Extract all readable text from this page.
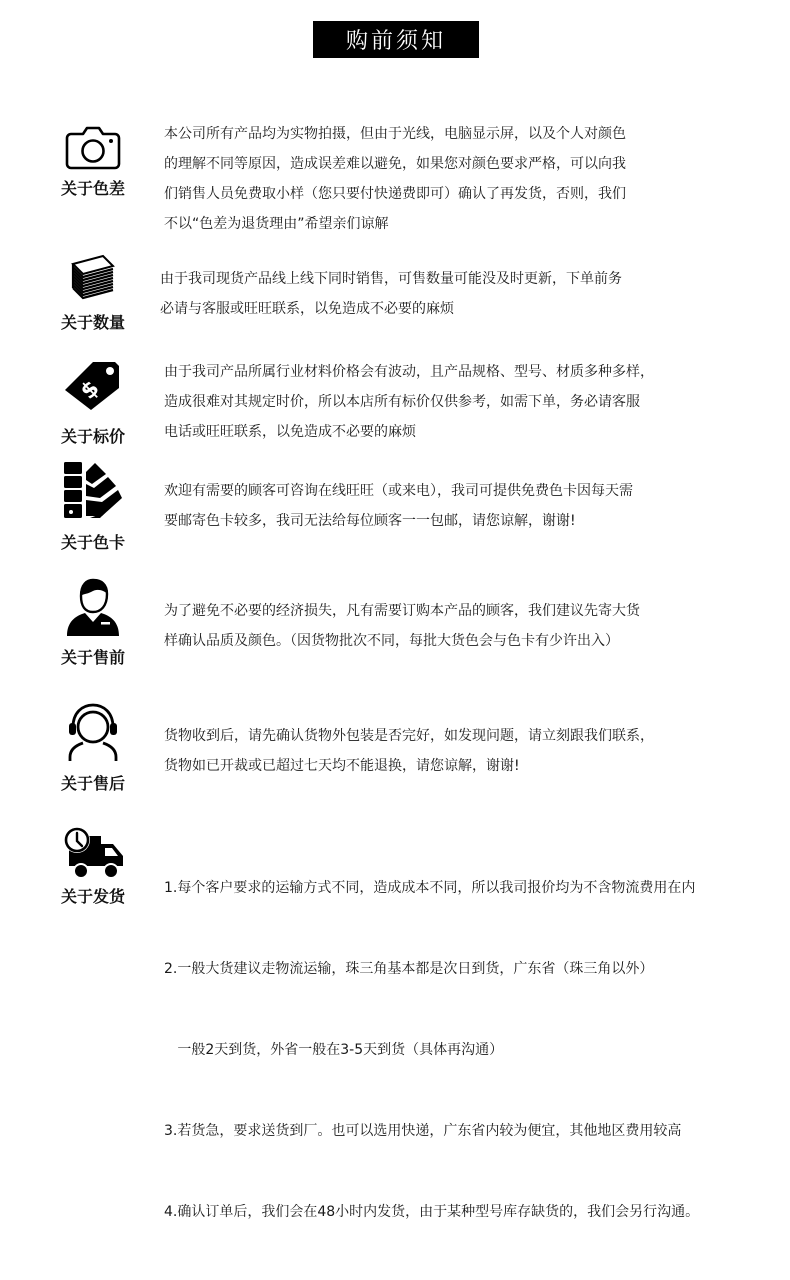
购前须知
关于色差

本公司所有产品均为实物拍摄，但由于光线，电脑显示屏，以及个人对颜色

的理解不同等原因，造成误差难以避免，如果您对颜色要求严格，可以向我

们销售人员免费取小样（您只要付快递费即可）确认了再发货，否则，我们

不以“色差为退货理由”希望亲们谅解

关于数量

由于我司现货产品线上线下同时销售，可售数量可能没及时更新，下单前务

必请与客服或旺旺联系，以免造成不必要的麻烦

$
关于标价

由于我司产品所属行业材料价格会有波动，且产品规格、型号、材质多种多样，

造成很难对其规定时价，所以本店所有标价仅供参考，如需下单，务必请客服

电话或旺旺联系，以免造成不必要的麻烦

关于色卡

欢迎有需要的顾客可咨询在线旺旺（或来电），我司可提供免费色卡因每天需

要邮寄色卡较多，我司无法给每位顾客一一包邮，请您谅解，谢谢!

关于售前

为了避免不必要的经济损失，凡有需要订购本产品的顾客，我们建议先寄大货

样确认品质及颜色。（因货物批次不同，每批大货色会与色卡有少许出入）

关于售后

货物收到后，请先确认货物外包装是否完好，如发现问题，请立刻跟我们联系，

货物如已开裁或已超过七天均不能退换，请您谅解，谢谢!

关于发货

	1.每个客户要求的运输方式不同，造成成本不同，所以我司报价均为不含物流费用在内

2.一般大货建议走物流运输，珠三角基本都是次日到货，广东省（珠三角以外）

一般2天到货，外省一般在3-5天到货（具体再沟通）

3.若货急，要求送货到厂。也可以选用快递，广东省内较为便宜，其他地区费用较高

4.确认订单后，我们会在48小时内发货，由于某种型号库存缺货的，我们会另行沟通。
